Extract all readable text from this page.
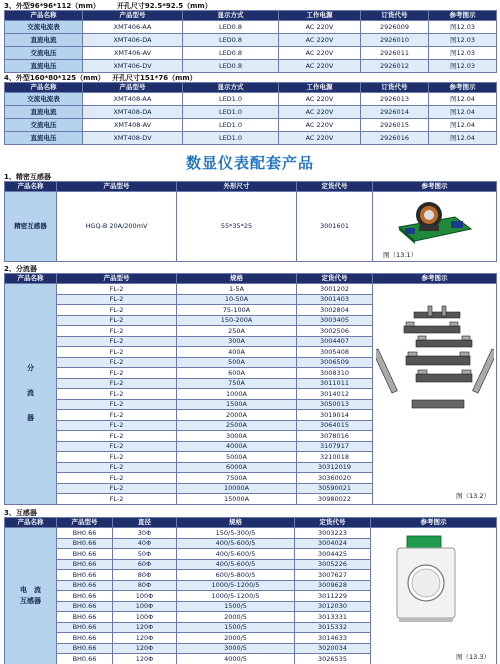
3、外型96*96*112（mm） 开孔尺寸92.5*92.5（mm）
产品名称	产品型号	显示方式	工作电源	订货代号	参考图示
交流电流表	XMT406-AA	LED0.8	AC 220V	2926009	图12.03
直流电流	XMT406-DA	LED0.8	AC 220V	2926010	图12.03
交流电压	XMT406-AV	LED0.8	AC 220V	2926011	图12.03
直流电压	XMT406-DV	LED0.8	AC 220V	2926012	图12.03
4、外型160*80*125（mm） 开孔尺寸151*76（mm）
产品名称	产品型号	显示方式	工作电源	订货代号	参考图示
交流电流表	XMT408-AA	LED1.0	AC 220V	2926013	图12.04
直流电流	XMT408-DA	LED1.0	AC 220V	2926014	图12.04
交流电压	XMT408-AV	LED1.0	AC 220V	2926015	图12.04
直流电压	XMT408-DV	LED1.0	AC 220V	2926016	图12.04
数显仪表配套产品
1、精密互感器
产品名称	产品型号	外形尺寸	定货代号	参考图示
精密互感器	HGQ-B 20A/200mV	55*35*25	3001601	图（13.1）
2、分流器
产品名称	产品型号	规格	定货代号	参考图示

分
流
器	FL-2	1-5A	3001202	图（13.2）

	FL-2	10-50A	3001403	
	FL-2	75-100A	3002804	
	FL-2	150-200A	3003405	
	FL-2	250A	3002506	
	FL-2	300A	3004407	
	FL-2	400A	3005408	
	FL-2	500A	3006509	
	FL-2	600A	3008310	
	FL-2	750A	3011011	
	FL-2	1000A	3014012	
	FL-2	1500A	3050013	
	FL-2	2000A	3019014	
	FL-2	2500A	3064015	
	FL-2	3000A	3078016	
	FL-2	4000A	3107917	
	FL-2	5000A	3210018	
	FL-2	6000A	30312019	
	FL-2	7500A	30360020	
	FL-2	10000A	30590021	
	FL-2	15000A	30980022	
3、互感器
产品名称	产品型号	直径	规格	定货代号	参考图示

电　流
互感器	BH0.66	30Φ	150/5-300/5	3003223	图（13.3）

	BH0.66	40Φ	400/5-600/5	3004024	
	BH0.66	50Φ	400/5-600/5	3004425	
	BH0.66	60Φ	400/5-600/5	3005226	
	BH0.66	80Φ	600/5-800/5	3007627	
	BH0.66	80Φ	1000/5-1200/5	3009628	
	BH0.66	100Φ	1000/5-1200/5	3011229	
	BH0.66	100Φ	1500/5	3012030	
	BH0.66	100Φ	2000/5	3013331	
	BH0.66	120Φ	1500/5	3015332	
	BH0.66	120Φ	2000/5	3014633	
	BH0.66	120Φ	3000/5	3020034	
	BH0.66	120Φ	4000/5	3026535	
